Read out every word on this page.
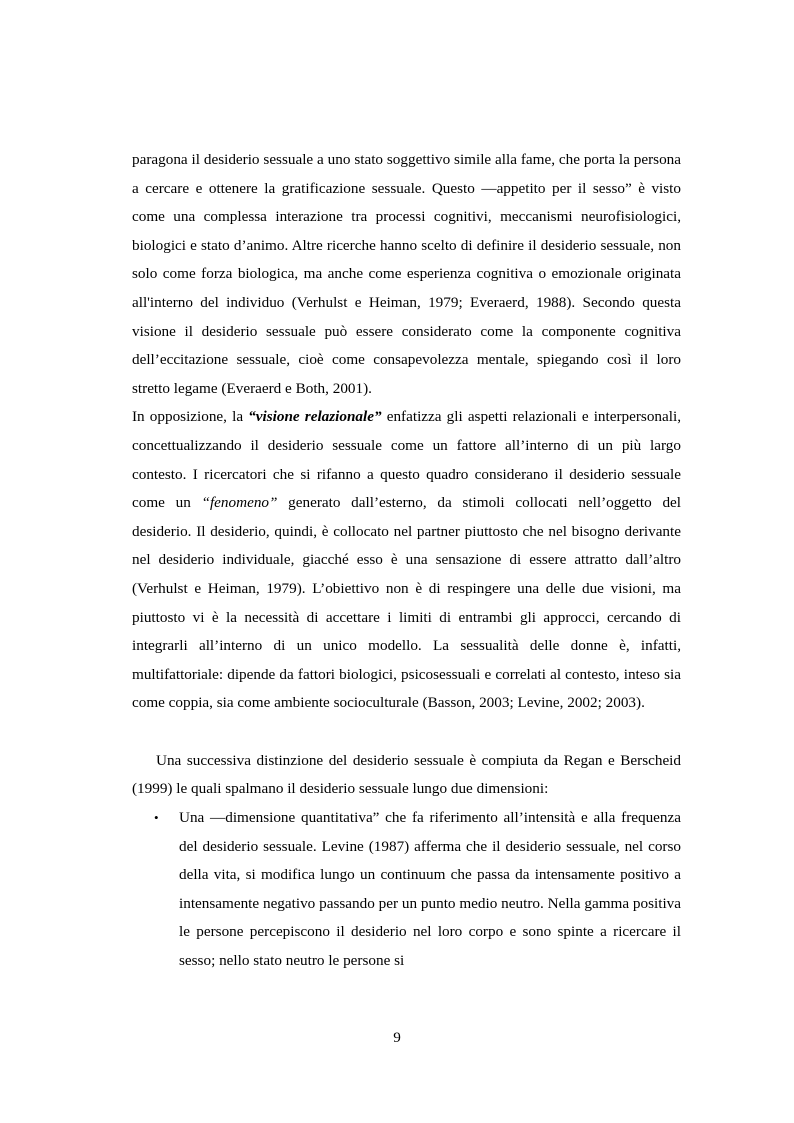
paragona il desiderio sessuale a uno stato soggettivo simile alla fame, che porta la persona a cercare e ottenere la gratificazione sessuale. Questo ―appetito per il sesso” è visto come una complessa interazione tra processi cognitivi, meccanismi neurofisiologici, biologici e stato d’animo. Altre ricerche hanno scelto di definire il desiderio sessuale, non solo come forza biologica, ma anche come esperienza cognitiva o emozionale originata all'interno del individuo (Verhulst e Heiman, 1979; Everaerd, 1988). Secondo questa visione il desiderio sessuale può essere considerato come la componente cognitiva dell’eccitazione sessuale, cioè come consapevolezza mentale, spiegando così il loro stretto legame (Everaerd e Both, 2001).

In opposizione, la “visione relazionale” enfatizza gli aspetti relazionali e interpersonali, concettualizzando il desiderio sessuale come un fattore all’interno di un più largo contesto. I ricercatori che si rifanno a questo quadro considerano il desiderio sessuale come un “fenomeno” generato dall’esterno, da stimoli collocati nell’oggetto del desiderio. Il desiderio, quindi, è collocato nel partner piuttosto che nel bisogno derivante nel desiderio individuale, giacché esso è una sensazione di essere attratto dall’altro (Verhulst e Heiman, 1979). L’obiettivo non è di respingere una delle due visioni, ma piuttosto vi è la necessità di accettare i limiti di entrambi gli approcci, cercando di integrarli all’interno di un unico modello. La sessualità delle donne è, infatti, multifattoriale: dipende da fattori biologici, psicosessuali e correlati al contesto, inteso sia come coppia, sia come ambiente socioculturale (Basson, 2003; Levine, 2002; 2003).

Una successiva distinzione del desiderio sessuale è compiuta da Regan e Berscheid (1999) le quali spalmano il desiderio sessuale lungo due dimensioni:

• Una ―dimensione quantitativa” che fa riferimento all’intensità e alla frequenza del desiderio sessuale. Levine (1987) afferma che il desiderio sessuale, nel corso della vita, si modifica lungo un continuum che passa da intensamente positivo a intensamente negativo passando per un punto medio neutro. Nella gamma positiva le persone percepiscono il desiderio nel loro corpo e sono spinte a ricercare il sesso; nello stato neutro le persone si
9
